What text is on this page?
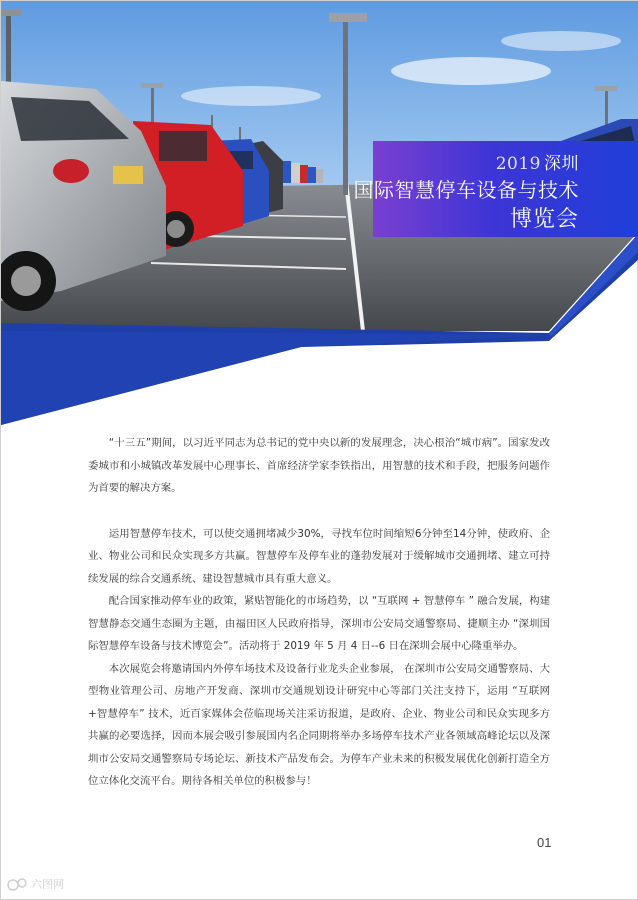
2019 深圳
国际智慧停车设备与技术
博览会

“十三五”期间，以习近平同志为总书记的党中央以新的发展理念，决心根治“城市病”。国家发改委城市和小城镇改革发展中心理事长、首席经济学家李铁指出，用智慧的技术和手段，把服务问题作为首要的解决方案。

运用智慧停车技术，可以使交通拥堵减少30%，寻找车位时间缩短6分钟至14分钟，使政府、企业、物业公司和民众实现多方共赢。智慧停车及停车业的蓬勃发展对于缓解城市交通拥堵、建立可持续发展的综合交通系统、建设智慧城市具有重大意义。

配合国家推动停车业的政策，紧贴智能化的市场趋势，以 “互联网 + 智慧停车 ” 融合发展，构建智慧静态交通生态圈为主题，由福田区人民政府指导，深圳市公安局交通警察局、捷顺主办 “深圳国际智慧停车设备与技术博览会”。活动将于 2019 年 5 月 4 日--6 日在深圳会展中心隆重举办。

本次展览会将邀请国内外停车场技术及设备行业龙头企业参展， 在深圳市公安局交通警察局、大型物业管理公司、房地产开发商、深圳市交通规划设计研究中心等部门关注支持下，运用 “互联网+智慧停车” 技术，近百家媒体会莅临现场关注采访报道，是政府、企业、物业公司和民众实现多方共赢的必要选择，因而本展会吸引参展国内名企同期将举办多场停车技术产业各领域高峰论坛以及深圳市公安局交通警察局专场论坛、新技术产品发布会。为停车产业未来的积极发展优化创新打造全方位立体化交流平台。期待各相关单位的积极参与！

01
六图网
